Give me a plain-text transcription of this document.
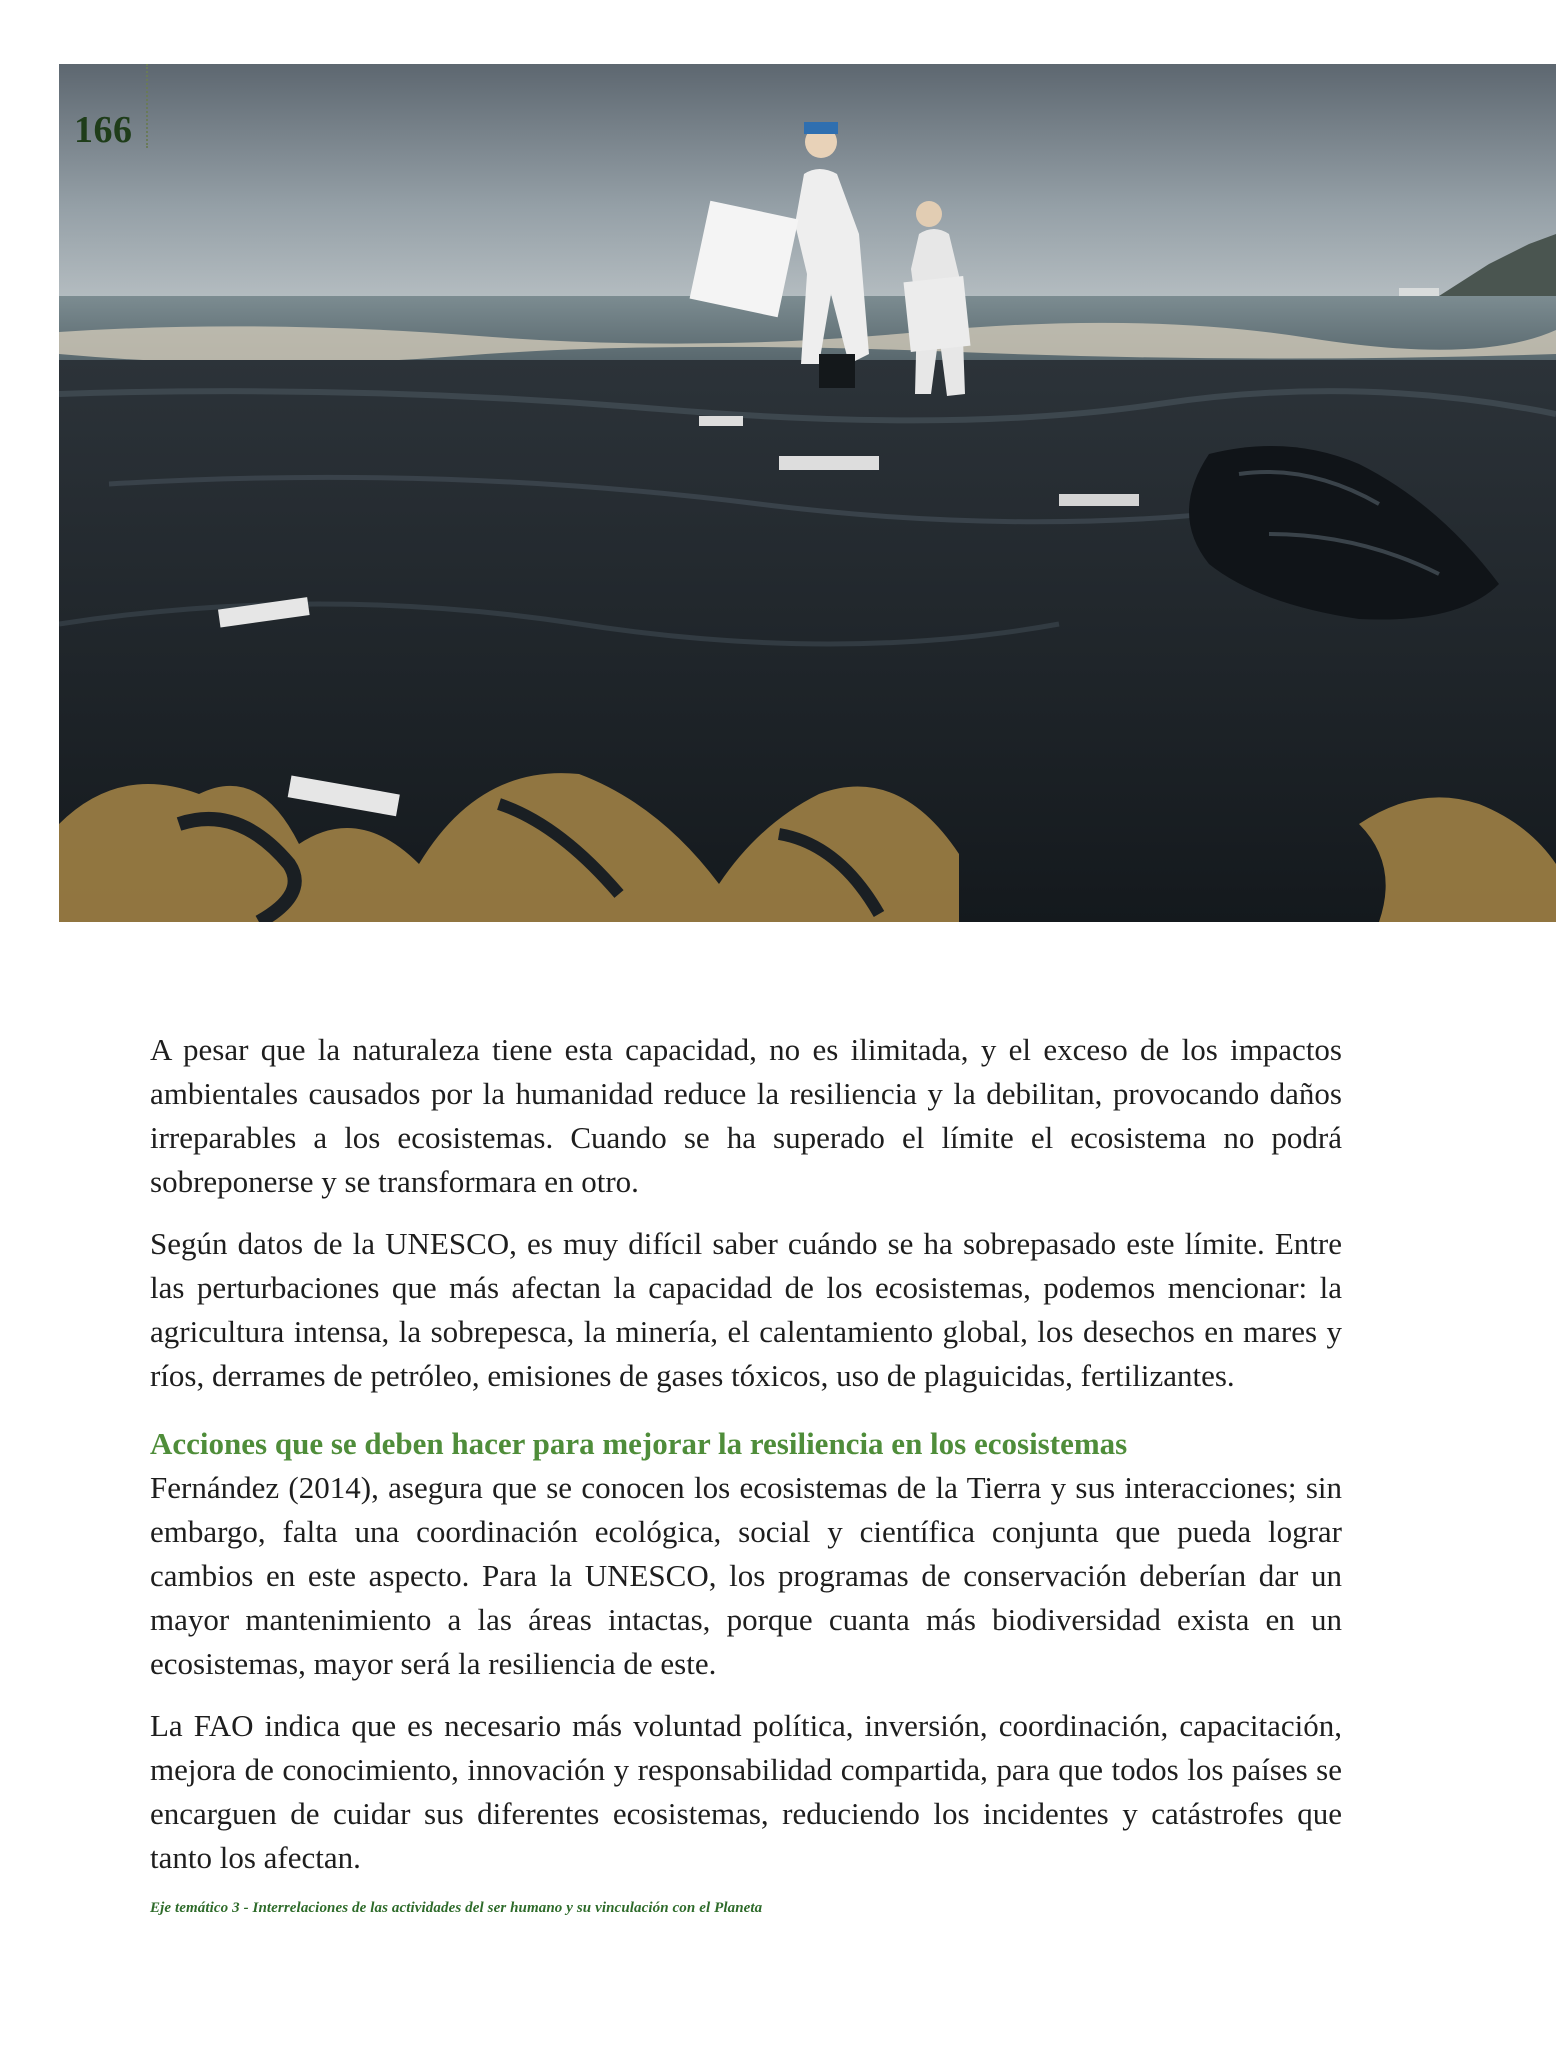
166

A pesar que la naturaleza tiene esta capacidad, no es ilimitada, y el exceso de los impactos ambientales causados por la humanidad reduce la resiliencia y la debilitan, provocando daños irreparables a los ecosistemas. Cuando se ha superado el límite el ecosistema no podrá sobreponerse y se transformara en otro.

Según datos de la UNESCO, es muy difícil saber cuándo se ha sobrepasado este límite. Entre las perturbaciones que más afectan la capacidad de los ecosistemas, podemos mencionar: la agricultura intensa, la sobrepesca, la minería, el calentamiento global, los desechos en mares y ríos, derrames de petróleo, emisiones de gases tóxicos, uso de plaguicidas, fertilizantes.

Acciones que se deben hacer para mejorar la resiliencia en los ecosistemas

Fernández (2014), asegura que se conocen los ecosistemas de la Tierra y sus interacciones; sin embargo, falta una coordinación ecológica, social y científica conjunta que pueda lograr cambios en este aspecto. Para la UNESCO, los programas de conservación deberían dar un mayor mantenimiento a las áreas intactas, porque cuanta más biodiversidad exista en un ecosistemas, mayor será la resiliencia de este.

La FAO indica que es necesario más voluntad política, inversión, coordinación, capacitación, mejora de conocimiento, innovación y responsabilidad compartida, para que todos los países se encarguen de cuidar sus diferentes ecosistemas, reduciendo los incidentes y catástrofes que tanto los afectan.

Eje temático 3 - Interrelaciones de las actividades del ser humano y su vinculación con el Planeta
